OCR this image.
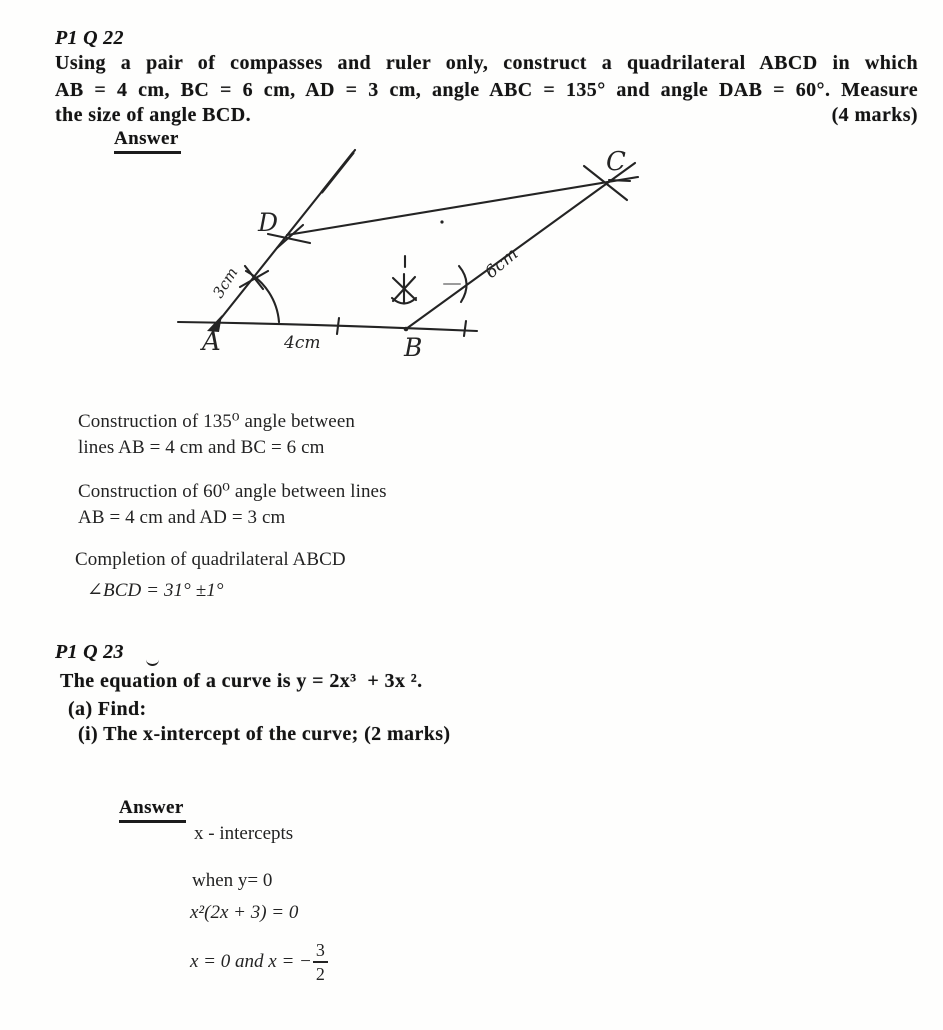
P1 Q 22
Using a pair of compasses and ruler only, construct a quadrilateral ABCD in which
AB = 4 cm, BC = 6 cm, AD = 3 cm, angle ABC = 135° and angle DAB = 60°. Measure
the size of angle BCD.	(4 marks)
Answer
A	B
C
D
4cm
3cm	6cm
Construction of 135⁰ angle between
lines AB = 4 cm and BC = 6 cm
Construction of 60⁰ angle between lines
AB = 4 cm and AD = 3 cm
Completion of quadrilateral ABCD
∠BCD = 31° ±1°
P1 Q 23
The equation of a curve is y = 2x³  + 3x ².
(a) Find:
(i) The x-intercept of the curve; (2 marks)
Answer
x - intercepts
when y= 0
x²(2x + 3) = 0
x = 0 and x = − $\frac{3}{2}$
